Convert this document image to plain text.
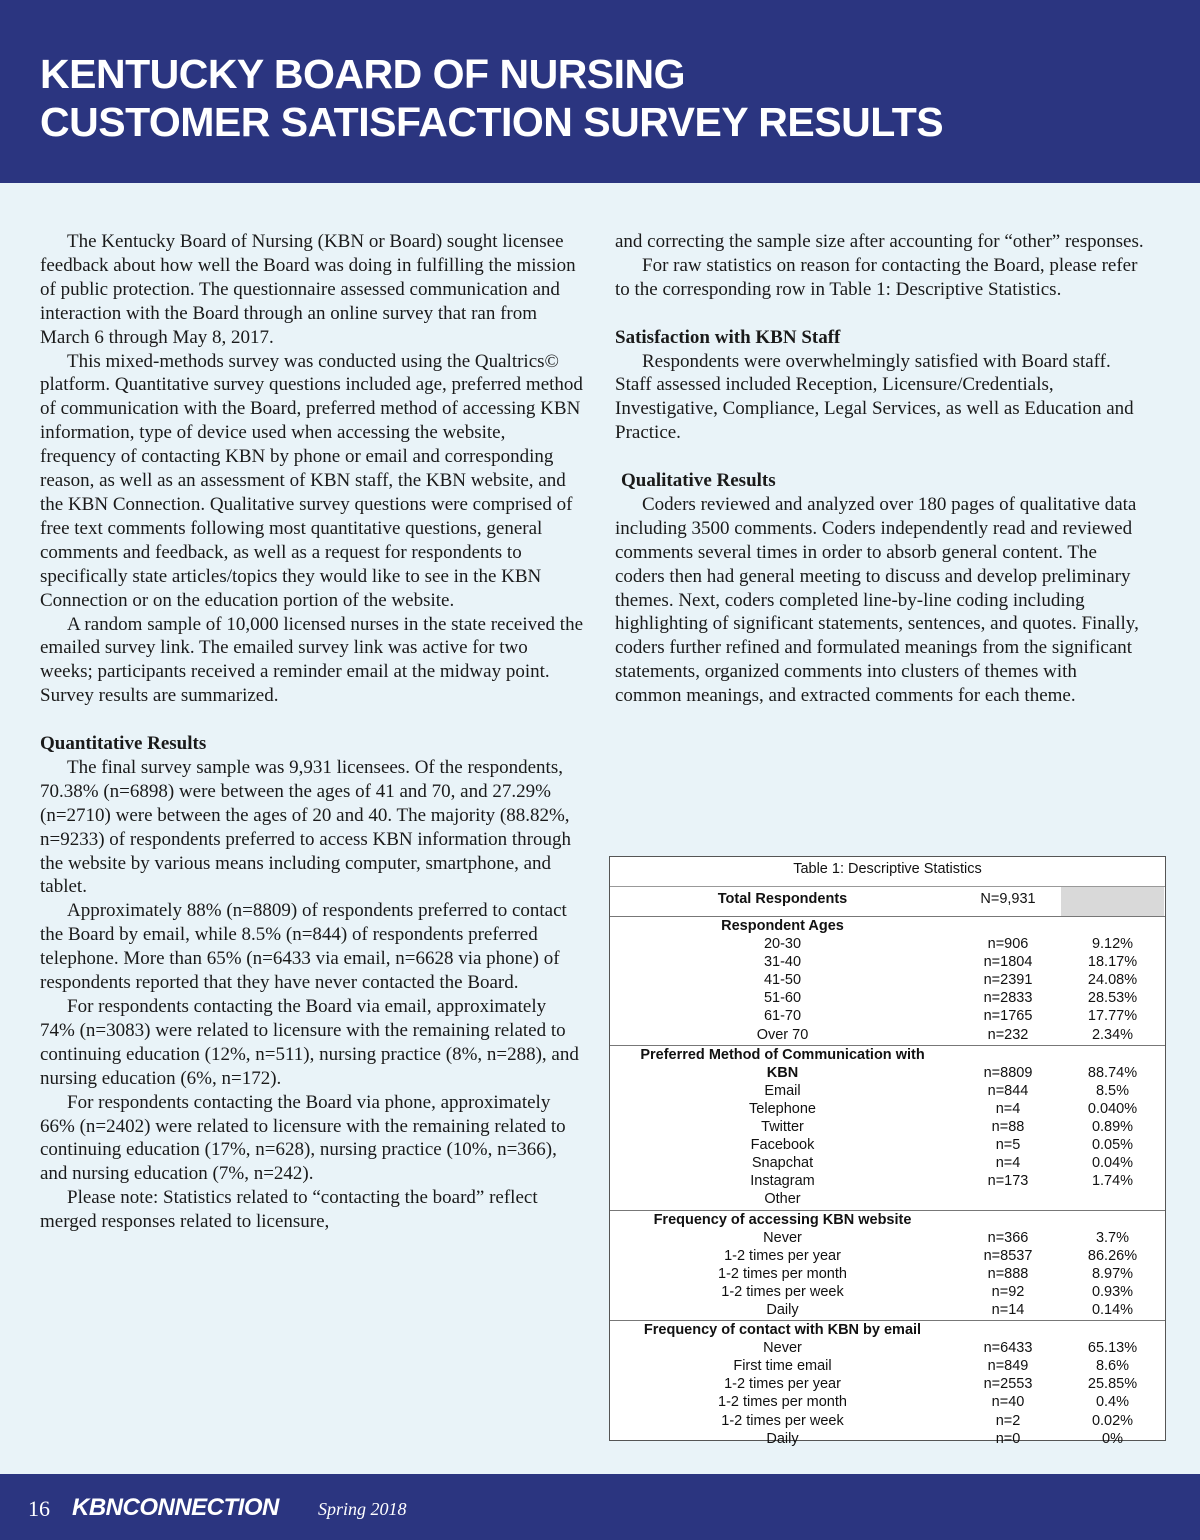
KENTUCKY BOARD OF NURSING
CUSTOMER SATISFACTION SURVEY RESULTS

The Kentucky Board of Nursing (KBN or Board) sought licensee feedback about how well the Board was doing in fulfilling the mission of public protection. The questionnaire assessed communication and interaction with the Board through an online survey that ran from March 6 through May 8, 2017.

This mixed-methods survey was conducted using the Qualtrics© platform. Quantitative survey questions included age, preferred method of communication with the Board, preferred method of accessing KBN information, type of device used when accessing the website, frequency of contacting KBN by phone or email and corresponding reason, as well as an assessment of KBN staff, the KBN website, and the KBN Connection. Qualitative survey questions were comprised of free text comments following most quantitative questions, general comments and feedback, as well as a request for respondents to specifically state articles/topics they would like to see in the KBN Connection or on the education portion of the website.

A random sample of 10,000 licensed nurses in the state received the emailed survey link. The emailed survey link was active for two weeks; participants received a reminder email at the midway point. Survey results are summarized.

Quantitative Results

The final survey sample was 9,931 licensees. Of the respondents, 70.38% (n=6898) were between the ages of 41 and 70, and 27.29% (n=2710) were between the ages of 20 and 40. The majority (88.82%, n=9233) of respondents preferred to access KBN information through the website by various means including computer, smartphone, and tablet.

Approximately 88% (n=8809) of respondents preferred to contact the Board by email, while 8.5% (n=844) of respondents preferred telephone. More than 65% (n=6433 via email, n=6628 via phone) of respondents reported that they have never contacted the Board.

For respondents contacting the Board via email, approximately 74% (n=3083) were related to licensure with the remaining related to continuing education (12%, n=511), nursing practice (8%, n=288), and nursing education (6%, n=172).

For respondents contacting the Board via phone, approximately 66% (n=2402) were related to licensure with the remaining related to continuing education (17%, n=628), nursing practice (10%, n=366), and nursing education (7%, n=242).

Please note: Statistics related to “contacting the board” reflect merged responses related to licensure,

and correcting the sample size after accounting for “other” responses.

For raw statistics on reason for contacting the Board, please refer to the corresponding row in Table 1: Descriptive Statistics.

Satisfaction with KBN Staff

Respondents were overwhelmingly satisfied with Board staff. Staff assessed included Reception, Licensure/Credentials, Investigative, Compliance, Legal Services, as well as Education and Practice.

Qualitative Results

Coders reviewed and analyzed over 180 pages of qualitative data including 3500 comments. Coders independently read and reviewed comments several times in order to absorb general content. The coders then had general meeting to discuss and develop preliminary themes. Next, coders completed line-by-line coding including highlighting of significant statements, sentences, and quotes. Finally, coders further refined and formulated meanings from the significant statements, organized comments into clusters of themes with common meanings, and extracted comments for each theme.

Table 1: Descriptive Statistics
Total Respondents	N=9,931
Respondent Ages
20-30	n=906	9.12%
31-40	n=1804	18.17%
41-50	n=2391	24.08%
51-60	n=2833	28.53%
61-70	n=1765	17.77%
Over 70	n=232	2.34%
Preferred Method of Communication with
KBN	n=8809	88.74%
Email	n=844	8.5%
Telephone	n=4	0.040%
Twitter	n=88	0.89%
Facebook	n=5	0.05%
Snapchat	n=4	0.04%
Instagram	n=173	1.74%
Other
Frequency of accessing KBN website
Never	n=366	3.7%
1-2 times per year	n=8537	86.26%
1-2 times per month	n=888	8.97%
1-2 times per week	n=92	0.93%
Daily	n=14	0.14%
Frequency of contact with KBN by email
Never	n=6433	65.13%
First time email	n=849	8.6%
1-2 times per year	n=2553	25.85%
1-2 times per month	n=40	0.4%
1-2 times per week	n=2	0.02%
Daily	n=0	0%
16 KBNCONNECTION Spring 2018
